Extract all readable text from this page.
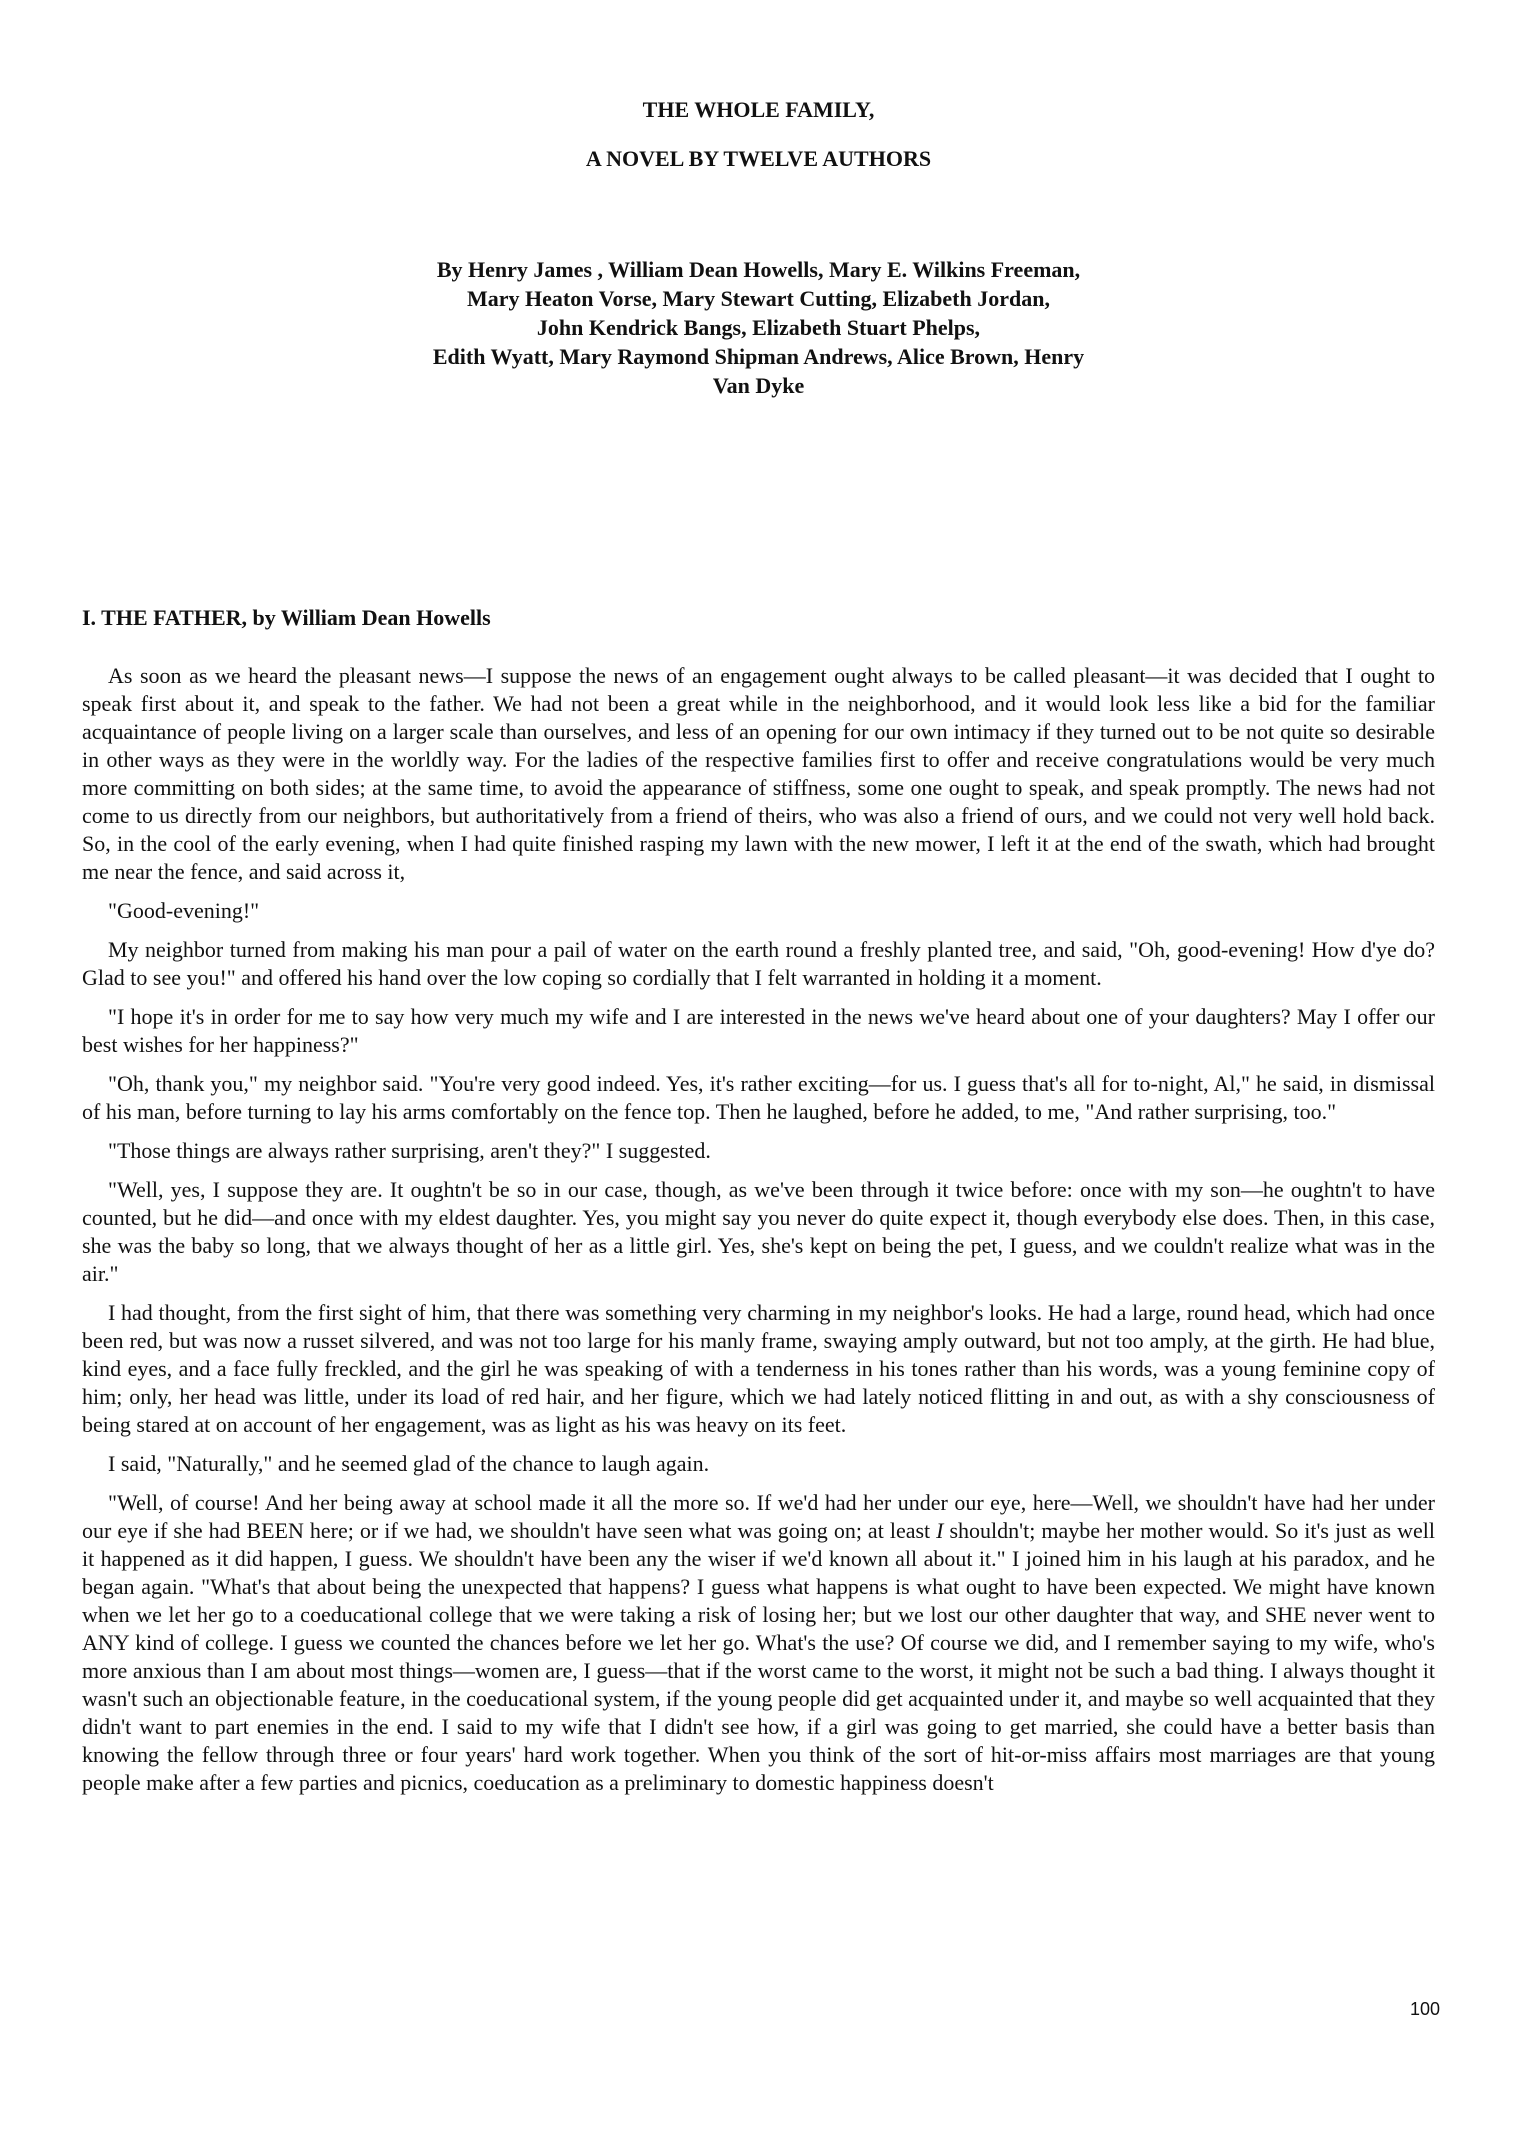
THE WHOLE FAMILY,
A NOVEL BY TWELVE AUTHORS
By Henry James , William Dean Howells, Mary E. Wilkins Freeman,
Mary Heaton Vorse, Mary Stewart Cutting, Elizabeth Jordan,
John Kendrick Bangs, Elizabeth Stuart Phelps,
Edith Wyatt, Mary Raymond Shipman Andrews, Alice Brown, Henry
Van Dyke
I. THE FATHER, by William Dean Howells

As soon as we heard the pleasant news—I suppose the news of an engagement ought always to be called pleasant—it was decided that I ought to speak first about it, and speak to the father. We had not been a great while in the neighborhood, and it would look less like a bid for the familiar acquaintance of people living on a larger scale than ourselves, and less of an opening for our own intimacy if they turned out to be not quite so desirable in other ways as they were in the worldly way. For the ladies of the respective families first to offer and receive congratulations would be very much more committing on both sides; at the same time, to avoid the appearance of stiffness, some one ought to speak, and speak promptly. The news had not come to us directly from our neighbors, but authoritatively from a friend of theirs, who was also a friend of ours, and we could not very well hold back. So, in the cool of the early evening, when I had quite finished rasping my lawn with the new mower, I left it at the end of the swath, which had brought me near the fence, and said across it,

"Good-evening!"

My neighbor turned from making his man pour a pail of water on the earth round a freshly planted tree, and said, "Oh, good-evening! How d'ye do? Glad to see you!" and offered his hand over the low coping so cordially that I felt warranted in holding it a moment.

"I hope it's in order for me to say how very much my wife and I are interested in the news we've heard about one of your daughters? May I offer our best wishes for her happiness?"

"Oh, thank you," my neighbor said. "You're very good indeed. Yes, it's rather exciting—for us. I guess that's all for to-night, Al," he said, in dismissal of his man, before turning to lay his arms comfortably on the fence top. Then he laughed, before he added, to me, "And rather surprising, too."

"Those things are always rather surprising, aren't they?" I suggested.

"Well, yes, I suppose they are. It oughtn't be so in our case, though, as we've been through it twice before: once with my son—he oughtn't to have counted, but he did—and once with my eldest daughter. Yes, you might say you never do quite expect it, though everybody else does. Then, in this case, she was the baby so long, that we always thought of her as a little girl. Yes, she's kept on being the pet, I guess, and we couldn't realize what was in the air."

I had thought, from the first sight of him, that there was something very charming in my neighbor's looks. He had a large, round head, which had once been red, but was now a russet silvered, and was not too large for his manly frame, swaying amply outward, but not too amply, at the girth. He had blue, kind eyes, and a face fully freckled, and the girl he was speaking of with a tenderness in his tones rather than his words, was a young feminine copy of him; only, her head was little, under its load of red hair, and her figure, which we had lately noticed flitting in and out, as with a shy consciousness of being stared at on account of her engagement, was as light as his was heavy on its feet.

I said, "Naturally," and he seemed glad of the chance to laugh again.

"Well, of course! And her being away at school made it all the more so. If we'd had her under our eye, here—Well, we shouldn't have had her under our eye if she had BEEN here; or if we had, we shouldn't have seen what was going on; at least I shouldn't; maybe her mother would. So it's just as well it happened as it did happen, I guess. We shouldn't have been any the wiser if we'd known all about it." I joined him in his laugh at his paradox, and he began again. "What's that about being the unexpected that happens? I guess what happens is what ought to have been expected. We might have known when we let her go to a coeducational college that we were taking a risk of losing her; but we lost our other daughter that way, and SHE never went to ANY kind of college. I guess we counted the chances before we let her go. What's the use? Of course we did, and I remember saying to my wife, who's more anxious than I am about most things—women are, I guess—that if the worst came to the worst, it might not be such a bad thing. I always thought it wasn't such an objectionable feature, in the coeducational system, if the young people did get acquainted under it, and maybe so well acquainted that they didn't want to part enemies in the end. I said to my wife that I didn't see how, if a girl was going to get married, she could have a better basis than knowing the fellow through three or four years' hard work together. When you think of the sort of hit-or-miss affairs most marriages are that young people make after a few parties and picnics, coeducation as a preliminary to domestic happiness doesn't

100
